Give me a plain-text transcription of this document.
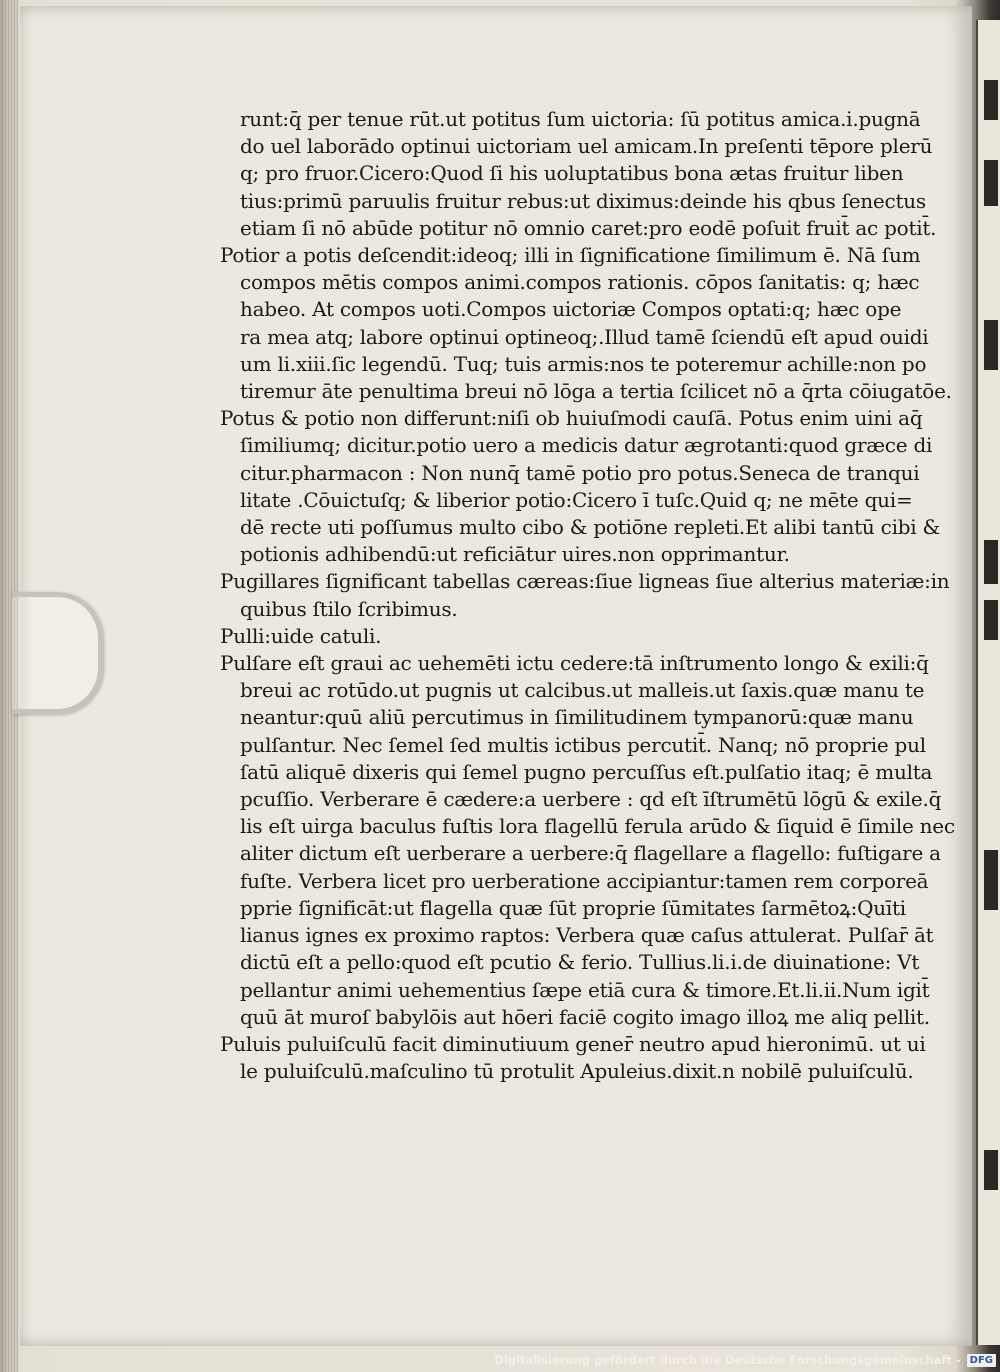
runt:q̄ per tenue rūt.ut potitus ſum uictoria: ſū potitus amica.i.pugnā
do uel laborādo optinui uictoriam uel amicam.In preſenti tēpore plerū
q; pro fruor.Cicero:Quod ſi his uoluptatibus bona ætas fruitur liben
tius:primū paruulis fruitur rebus:ut diximus:deinde his qbus ſenectus
etiam ſi nō abūde potitur nō omnio caret:pro eodē poſuit fruit̄ ac potit̄.
Potior a potis deſcendit:ideoq; illi in ſignificatione ſimilimum ē. Nā ſum
compos mētis compos animi.compos rationis. cōpos ſanitatis: q; hæc
habeo. At compos uoti.Compos uictoriæ Compos optati:q; hæc ope
ra mea atq; labore optinui optineoq;.Illud tamē ſciendū eſt apud ouidi
um li.xiii.ſic legendū. Tuq; tuis armis:nos te poteremur achille:non po
tiremur āte penultima breui nō lōga a tertia ſcilicet nō a q̄rta cōiugatōe.
Potus & potio non differunt:niſi ob huiuſmodi cauſā. Potus enim uini aq̄
ſimiliumq; dicitur.potio uero a medicis datur ægrotanti:quod græce di
citur.pharmacon : Non nunq̄ tamē potio pro potus.Seneca de tranqui
litate .Cōuictuſq; & liberior potio:Cicero ī tuſc.Quid q; ne mēte qui=
dē recte uti poſſumus multo cibo & potiōne repleti.Et alibi tantū cibi &
potionis adhibendū:ut reficiātur uires.non opprimantur.
Pugillares ſignificant tabellas cæreas:ſiue ligneas ſiue alterius materiæ:in
quibus ſtilo ſcribimus.
Pulli:uide catuli.
Pulſare eſt graui ac uehemēti ictu cedere:tā inſtrumento longo & exili:q̄
breui ac rotūdo.ut pugnis ut calcibus.ut malleis.ut ſaxis.quæ manu te
neantur:quū aliū percutimus in ſimilitudinem tympanorū:quæ manu
pulſantur. Nec ſemel ſed multis ictibus percutit̄. Nanq; nō proprie pul
ſatū aliquē dixeris qui ſemel pugno percuſſus eſt.pulſatio itaq; ē multa
pcuſſio. Verberare ē cædere:a uerbere : qd eſt īſtrumētū lōgū & exile.q̄
lis eſt uirga baculus fuſtis lora flagellū ferula arūdo & ſiquid ē ſimile nec
aliter dictum eſt uerberare a uerbere:q̄ flagellare a flagello: fuſtigare a
fuſte. Verbera licet pro uerberatione accipiantur:tamen rem corporeā
pprie ſignificāt:ut flagella quæ ſūt proprie ſūmitates ſarmētoꝝ:Quīti
lianus ignes ex proximo raptos: Verbera quæ caſus attulerat. Pulſar̄ āt
dictū eſt a pello:quod eſt pcutio & ferio. Tullius.li.i.de diuinatione: Vt
pellantur animi uehementius ſæpe etiā cura & timore.Et.li.ii.Num igit̄
quū āt muroſ babylōis aut hōeri faciē cogito imago illoꝝ me aliq pellit.
Puluis puluiſculū facit diminutiuum gener̄ neutro apud hieronimū. ut ui
le puluiſculū.maſculino tū protulit Apuleius.dixit.n nobilē puluiſculū.
Digitalisierung gefördert durch die Deutsche Forschungsgemeinschaft - DFG
